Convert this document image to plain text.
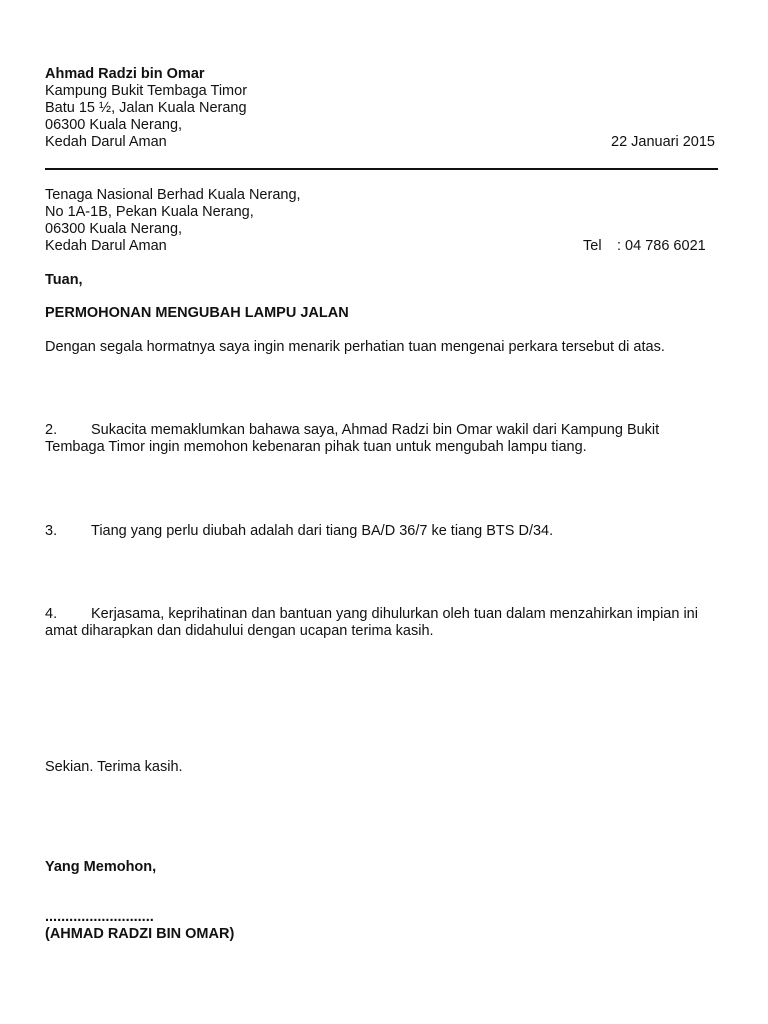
Ahmad Radzi bin Omar
Kampung Bukit Tembaga Timor
Batu 15 ½, Jalan Kuala Nerang
06300 Kuala Nerang,
Kedah Darul Aman	22 Januari 2015
Tenaga Nasional Berhad Kuala Nerang,
No 1A-1B, Pekan Kuala Nerang,
06300 Kuala Nerang,
Kedah Darul Aman	Tel : 04 786 6021
Tuan,
PERMOHONAN MENGUBAH LAMPU JALAN
Dengan segala hormatnya saya ingin menarik perhatian tuan mengenai perkara tersebut di atas.
2. Sukacita memaklumkan bahawa saya, Ahmad Radzi bin Omar wakil dari Kampung Bukit Tembaga Timor ingin memohon kebenaran pihak tuan untuk mengubah lampu tiang.
3. Tiang yang perlu diubah adalah dari tiang BA/D 36/7 ke tiang BTS D/34.
4. Kerjasama, keprihatinan dan bantuan yang dihulurkan oleh tuan dalam menzahirkan impian ini amat diharapkan dan didahului dengan ucapan terima kasih.
Sekian. Terima kasih.
Yang Memohon,
...........................
(AHMAD RADZI BIN OMAR)
